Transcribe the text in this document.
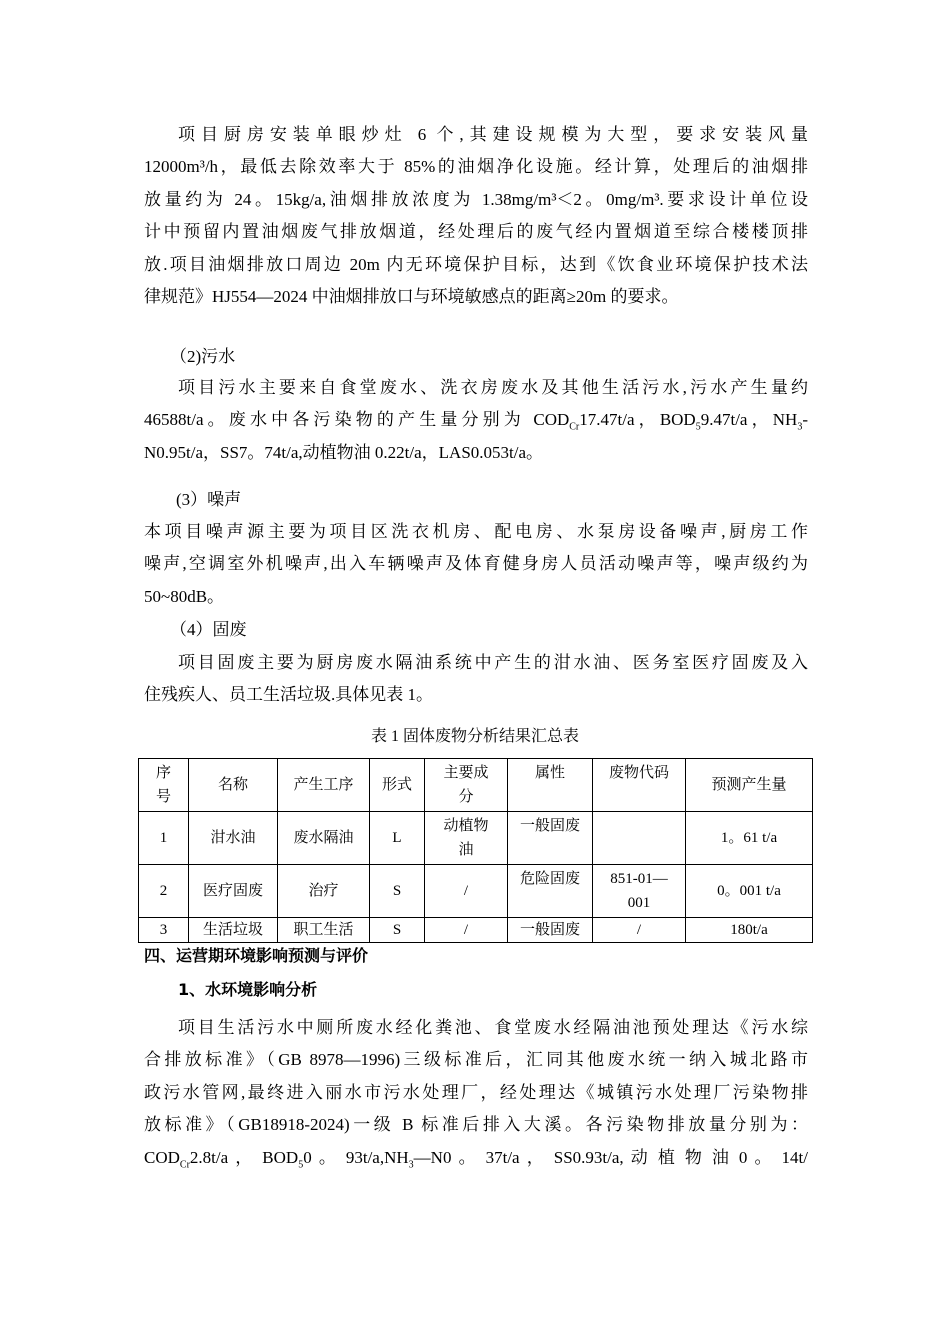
项目厨房安装单眼炒灶 6 个,其建设规模为大型，要求安装风量
12000m³/h，最低去除效率大于 85%的油烟净化设施。经计算，处理后的油烟排
放量约为 24。15kg/a,油烟排放浓度为 1.38mg/m³＜2。0mg/m³.要求设计单位设
计中预留内置油烟废气排放烟道，经处理后的废气经内置烟道至综合楼楼顶排
放.项目油烟排放口周边 20m 内无环境保护目标，达到《饮食业环境保护技术法
律规范》HJ554—2024 中油烟排放口与环境敏感点的距离≥20m 的要求。
（2)污水
项目污水主要来自食堂废水、洗衣房废水及其他生活污水,污水产生量约
46588t/a。废水中各污染物的产生量分别为 $COD_{Cr}17.47t/a$，$BOD_59.47t/a$，$NH_3-$
N0.95t/a，SS7。74t/a,动植物油 0.22t/a，LAS0.053t/a。
(3）噪声
本项目噪声源主要为项目区洗衣机房、配电房、水泵房设备噪声,厨房工作
噪声,空调室外机噪声,出入车辆噪声及体育健身房人员活动噪声等，噪声级约为
50~80dB。
（4）固废
项目固废主要为厨房废水隔油系统中产生的泔水油、医务室医疗固废及入
住残疾人、员工生活垃圾.具体见表 1。
表 1 固体废物分析结果汇总表
序
号	名称	产生工序	形式	主要成
分	属性	废物代码	预测产生量
1	泔水油	废水隔油	L	动植物
油	一般固废		1。61 t/a
2	医疗固废	治疗	S	/	危险固废	851-01—
001	0。001 t/a
3	生活垃圾	职工生活	S	/	一般固废	/	180t/a
四、运营期环境影响预测与评价
1、水环境影响分析
项目生活污水中厕所废水经化粪池、食堂废水经隔油池预处理达《污水综
合排放标准》（GB 8978—1996)三级标准后，汇同其他废水统一纳入城北路市
政污水管网,最终进入丽水市污水处理厂，经处理达《城镇污水处理厂污染物排
放标准》（GB18918-2024)一级 B 标准后排入大溪。各污染物排放量分别为：
$COD_{Cr}2.8t/a$ ， $BOD_50$ 。 $93t/a,NH_3—N0$ 。 37t/a ， SS0.93t/a, 动 植 物 油 0 。 14t/
